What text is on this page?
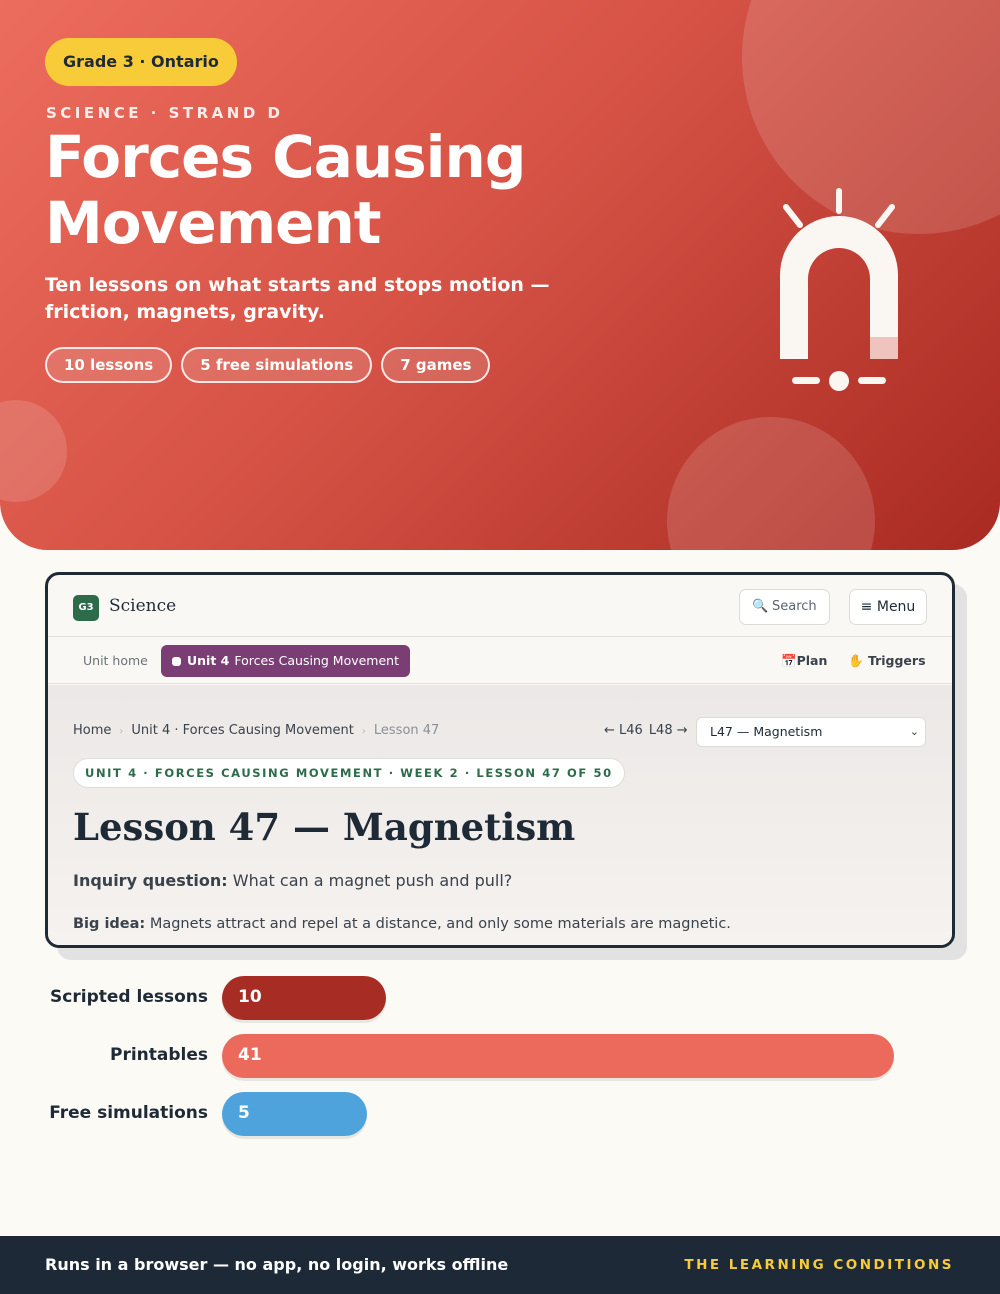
Grade 3 · Ontario
SCIENCE · STRAND D
Forces Causing Movement

Ten lessons on what starts and stops motion — friction, magnets, gravity.

10 lessons	5 free simulations	7 games
G3 Science	🔍 Search	≡ Menu
Unit home	Unit 4 Forces Causing Movement	📅Plan ✋ Triggers
Home › Unit 4 · Forces Causing Movement › Lesson 47	← L46 L48 →	L47 — Magnetism	⌄
UNIT 4 · FORCES CAUSING MOVEMENT · WEEK 2 · LESSON 47 OF 50
Lesson 47 — Magnetism

Inquiry question: What can a magnet push and pull?

Big idea: Magnets attract and repel at a distance, and only some materials are magnetic.

Scripted lessons 10
Printables 41
Free simulations 5
Runs in a browser — no app, no login, works offline	THE LEARNING CONDITIONS
